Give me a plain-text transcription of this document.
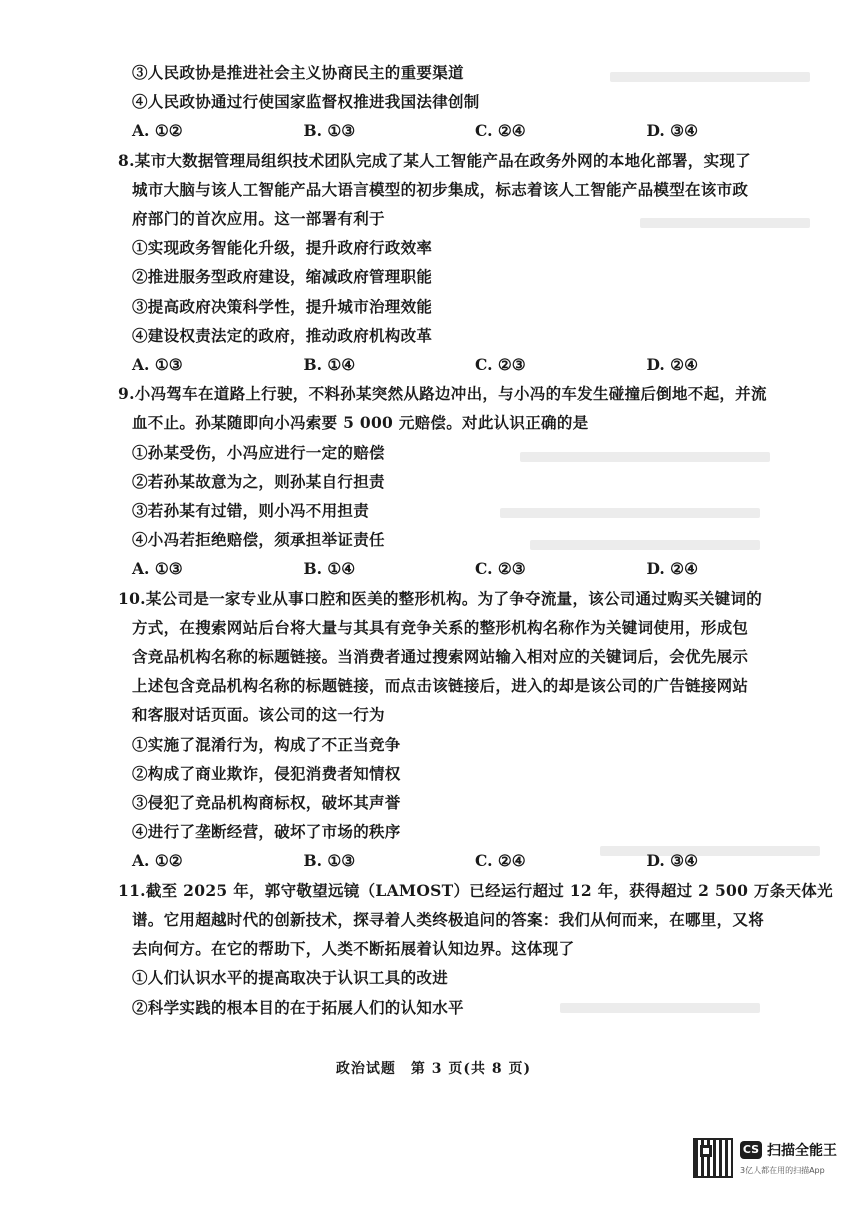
③人民政协是推进社会主义协商民主的重要渠道
④人民政协通过行使国家监督权推进我国法律创制
A. ①②	B. ①③	C. ②④	D. ③④
8.某市大数据管理局组织技术团队完成了某人工智能产品在政务外网的本地化部署，实现了
城市大脑与该人工智能产品大语言模型的初步集成，标志着该人工智能产品模型在该市政
府部门的首次应用。这一部署有利于
①实现政务智能化升级，提升政府行政效率
②推进服务型政府建设，缩减政府管理职能
③提高政府决策科学性，提升城市治理效能
④建设权责法定的政府，推动政府机构改革
A. ①③	B. ①④	C. ②③	D. ②④
9.小冯驾车在道路上行驶，不料孙某突然从路边冲出，与小冯的车发生碰撞后倒地不起，并流
血不止。孙某随即向小冯索要 5 000 元赔偿。对此认识正确的是
①孙某受伤，小冯应进行一定的赔偿
②若孙某故意为之，则孙某自行担责
③若孙某有过错，则小冯不用担责
④小冯若拒绝赔偿，须承担举证责任
A. ①③	B. ①④	C. ②③	D. ②④
10.某公司是一家专业从事口腔和医美的整形机构。为了争夺流量，该公司通过购买关键词的
方式，在搜索网站后台将大量与其具有竞争关系的整形机构名称作为关键词使用，形成包
含竞品机构名称的标题链接。当消费者通过搜索网站输入相对应的关键词后，会优先展示
上述包含竞品机构名称的标题链接，而点击该链接后，进入的却是该公司的广告链接网站
和客服对话页面。该公司的这一行为
①实施了混淆行为，构成了不正当竞争
②构成了商业欺诈，侵犯消费者知情权
③侵犯了竞品机构商标权，破坏其声誉
④进行了垄断经营，破坏了市场的秩序
A. ①②	B. ①③	C. ②④	D. ③④
11.截至 2025 年，郭守敬望远镜（LAMOST）已经运行超过 12 年，获得超过 2 500 万条天体光
谱。它用超越时代的创新技术，探寻着人类终极追问的答案：我们从何而来，在哪里，又将
去向何方。在它的帮助下，人类不断拓展着认知边界。这体现了
①人们认识水平的提高取决于认识工具的改进
②科学实践的根本目的在于拓展人们的认知水平
政治试题　第 3 页(共 8 页)
CS 扫描全能王
3亿人都在用的扫描App
